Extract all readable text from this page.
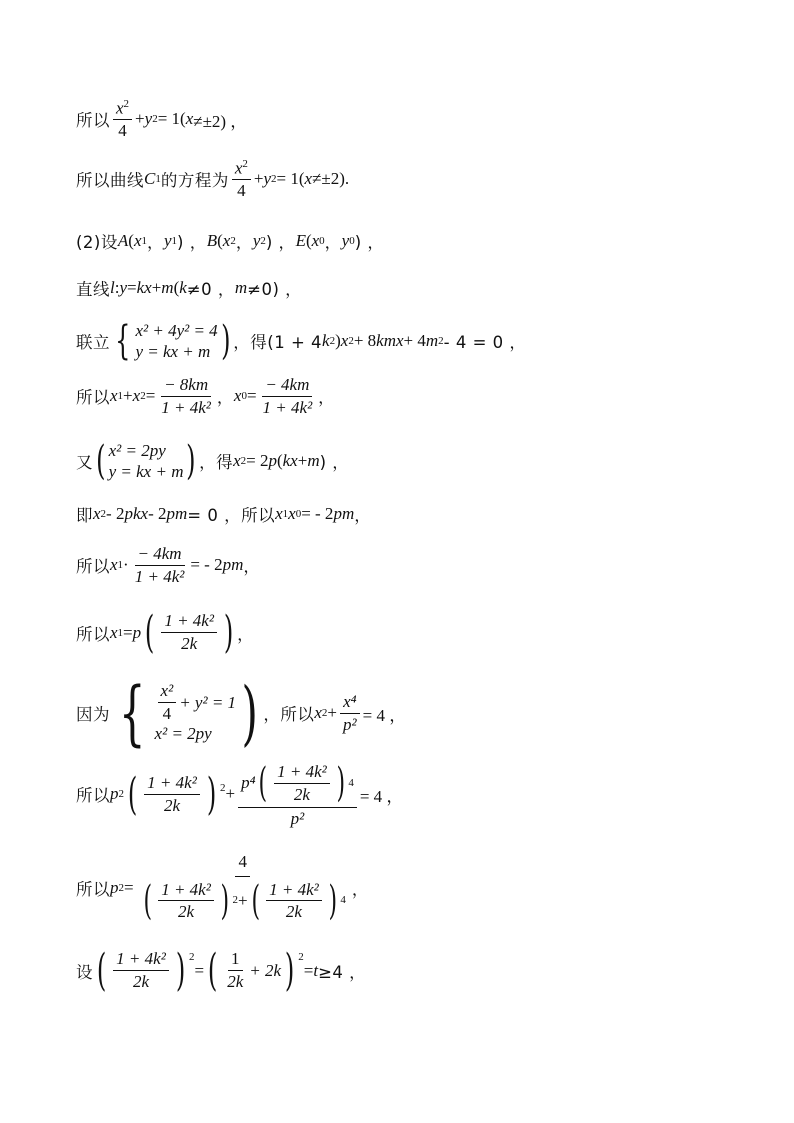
所以 $\frac{x^2}{4} + y$ 2 = 1( x ≠±2) ，
所以曲线 C 1 的方程为 $\frac{x^2}{4} + y$ 2 = 1( x ≠±2).
(2)设 A ( x 1 ， y 1 ) ， B ( x 2 ， y 2 ) ， E ( x 0 ， y 0 ) ，
直线 l : y = kx + m ( k ≠0 ， m ≠0) ，
联立 { x² + 4y² = 4
y = kx + m ) ，得(1 + 4 k 2 ) x 2 + 8 kmx + 4 m 2 - 4 = 0 ，
所以 x 1 + x $2 = \frac{- 8km}{\text{1 + 4k²}}$ ， x $0 = \frac{- 4km}{\text{1 + 4k²}}$ ，
又 ( x² = 2py
y = kx + m ) ，得 x 2 = 2 p ( kx + m ) ，
即 x 2 - 2 pkx - 2 pm = 0 ，所以 x 1 x 0 = - 2 pm ，
所以 x $1 \cdot \frac{- 4km}{\text{1 + 4k²}}$ = - 2 pm ，
所以 x 1 = p ( $\frac{\text{1 + 4k²}}{2k}$ ) ，
因为 { $\frac{\text{x²}}{4} + y^2 = 1$
x² = 2py ) ，所以 x $2 + \frac{\text{x⁴}}{\text{p²}} = 4$ ，
所以 p 2 ( $\frac{\text{1 + 4k²}}{2k}$ ) $^2 + \frac{p^4 ( \frac{\text{1 + 4k²}}{2k} ) 4}{\text{p²}} = 4$ ，
所以 p 2 =
4
( $\frac{\text{1 + 4k²}}{2k}$ ) 2 + ( $\frac{\text{1 + 4k²}}{2k}$ ) 4
，
设 ( $\frac{\text{1 + 4k²}}{2k}$ ) $^2$
= ( $\frac{1}{2k} + 2k$ ) $^2$
= t ≥4 ，
